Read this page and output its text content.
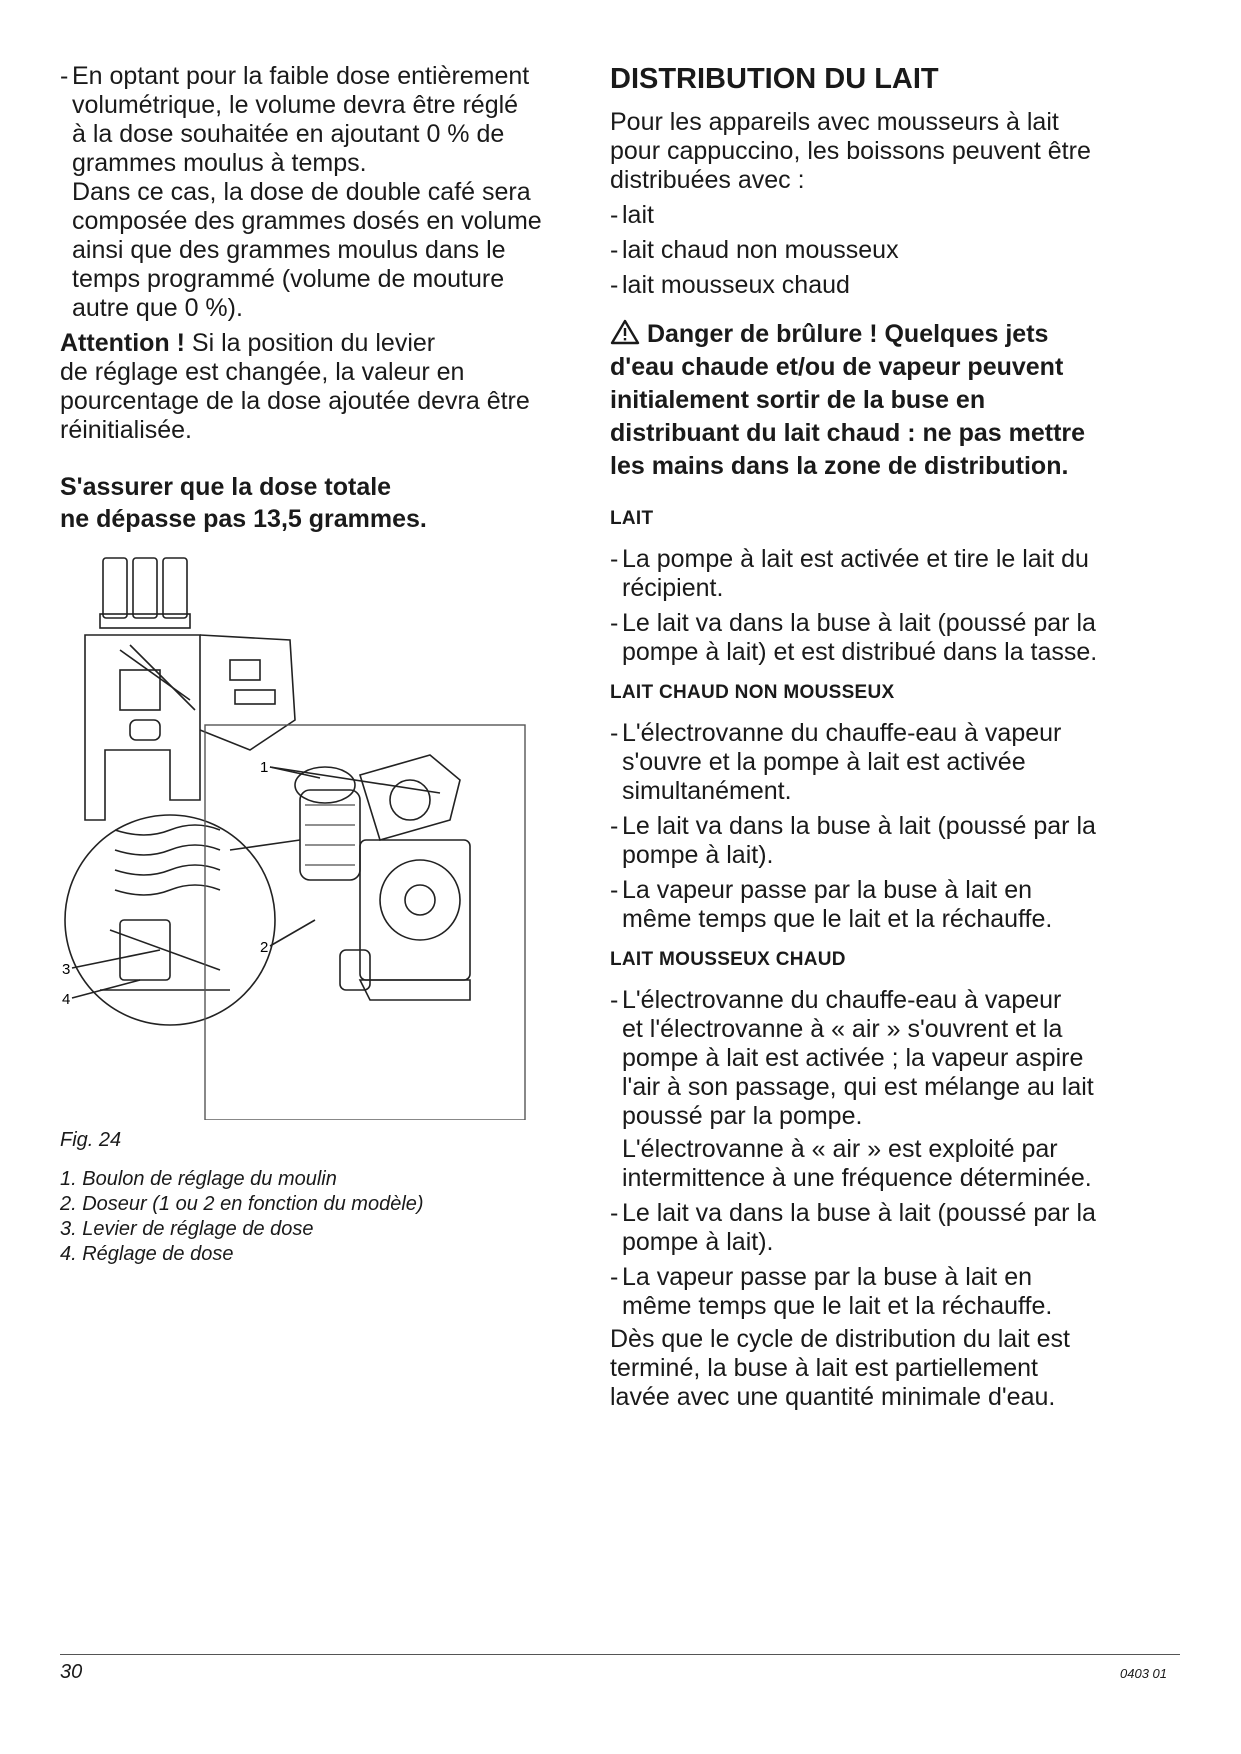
- En optant pour la faible dose entièrement
volumétrique, le volume devra être réglé
à la dose souhaitée en ajoutant 0 % de
grammes moulus à temps.
Dans ce cas, la dose de double café sera
composée des grammes dosés en volume
ainsi que des grammes moulus dans le
temps programmé (volume de mouture
autre que 0 %).
Attention ! Si la position du levier
de réglage est changée, la valeur en
pourcentage de la dose ajoutée devra être
réinitialisée.
S'assurer que la dose totale
ne dépasse pas 13,5 grammes.
1
2
3
4

Fig. 24

1. Boulon de réglage du moulin

2. Doseur (1 ou 2 en fonction du modèle)

3. Levier de réglage de dose

4. Réglage de dose

DISTRIBUTION DU LAIT
Pour les appareils avec mousseurs à lait
pour cappuccino, les boissons peuvent être
distribuées avec :
- lait
- lait chaud non mousseux
- lait mousseux chaud
Danger de brûlure ! Quelques jets
d'eau chaude et/ou de vapeur peuvent
initialement sortir de la buse en
distribuant du lait chaud : ne pas mettre
les mains dans la zone de distribution.

LAIT

- La pompe à lait est activée et tire le lait du
récipient.
- Le lait va dans la buse à lait (poussé par la
pompe à lait) et est distribué dans la tasse.

LAIT CHAUD NON MOUSSEUX

- L'électrovanne du chauffe-eau à vapeur
s'ouvre et la pompe à lait est activée
simultanément.
- Le lait va dans la buse à lait (poussé par la
pompe à lait).
- La vapeur passe par la buse à lait en
même temps que le lait et la réchauffe.

LAIT MOUSSEUX CHAUD

- L'électrovanne du chauffe-eau à vapeur
et l'électrovanne à « air » s'ouvrent et la
pompe à lait est activée ; la vapeur aspire
l'air à son passage, qui est mélange au lait
poussé par la pompe.
L'électrovanne à « air » est exploité par
intermittence à une fréquence déterminée.
- Le lait va dans la buse à lait (poussé par la
pompe à lait).
- La vapeur passe par la buse à lait en
même temps que le lait et la réchauffe.
Dès que le cycle de distribution du lait est
terminé, la buse à lait est partiellement
lavée avec une quantité minimale d'eau.
30	0403 01
